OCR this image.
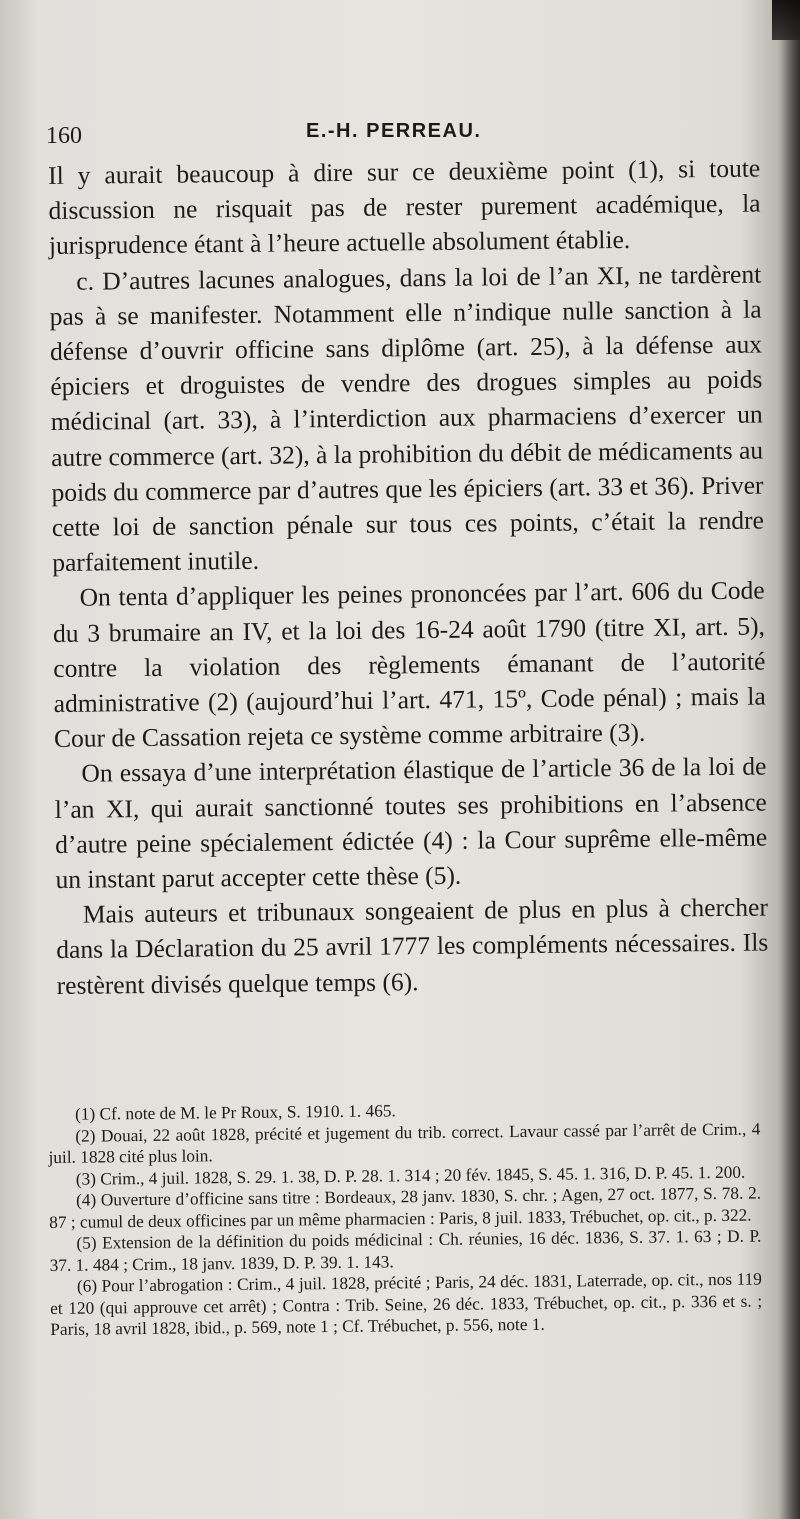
160	E.-H. PERREAU.

Il y aurait beaucoup à dire sur ce deuxième point (1), si toute discussion ne risquait pas de rester purement académique, la jurisprudence étant à l’heure actuelle absolument établie.

c. D’autres lacunes analogues, dans la loi de l’an XI, ne tardèrent pas à se manifester. Notamment elle n’indique nulle sanction à la défense d’ouvrir officine sans diplôme (art. 25), à la défense aux épiciers et droguistes de vendre des drogues simples au poids médicinal (art. 33), à l’interdiction aux pharmaciens d’exercer un autre commerce (art. 32), à la prohibition du débit de médicaments au poids du commerce par d’autres que les épiciers (art. 33 et 36). Priver cette loi de sanction pénale sur tous ces points, c’était la rendre parfaitement inutile.

On tenta d’appliquer les peines prononcées par l’art. 606 du Code du 3 brumaire an IV, et la loi des 16-24 août 1790 (titre XI, art. 5), contre la violation des règlements émanant de l’autorité administrative (2) (aujourd’hui l’art. 471, 15º, Code pénal) ; mais la Cour de Cassation rejeta ce système comme arbitraire (3).

On essaya d’une interprétation élastique de l’article 36 de la loi de l’an XI, qui aurait sanctionné toutes ses prohibitions en l’absence d’autre peine spécialement édictée (4) : la Cour suprême elle-même un instant parut accepter cette thèse (5).

Mais auteurs et tribunaux songeaient de plus en plus à chercher dans la Déclaration du 25 avril 1777 les compléments nécessaires. Ils restèrent divisés quelque temps (6).

(1) Cf. note de M. le Pr Roux, S. 1910. 1. 465.

(2) Douai, 22 août 1828, précité et jugement du trib. correct. Lavaur cassé par l’arrêt de Crim., 4 juil. 1828 cité plus loin.

(3) Crim., 4 juil. 1828, S. 29. 1. 38, D. P. 28. 1. 314 ; 20 fév. 1845, S. 45. 1. 316, D. P. 45. 1. 200.

(4) Ouverture d’officine sans titre : Bordeaux, 28 janv. 1830, S. chr. ; Agen, 27 oct. 1877, S. 78. 2. 87 ; cumul de deux officines par un même pharmacien : Paris, 8 juil. 1833, Trébuchet, op. cit., p. 322.

(5) Extension de la définition du poids médicinal : Ch. réunies, 16 déc. 1836, S. 37. 1. 63 ; D. P. 37. 1. 484 ; Crim., 18 janv. 1839, D. P. 39. 1. 143.

(6) Pour l’abrogation : Crim., 4 juil. 1828, précité ; Paris, 24 déc. 1831, Laterrade, op. cit., nos 119 et 120 (qui approuve cet arrêt) ; Contra : Trib. Seine, 26 déc. 1833, Trébuchet, op. cit., p. 336 et s. ; Paris, 18 avril 1828, ibid., p. 569, note 1 ; Cf. Trébuchet, p. 556, note 1.
